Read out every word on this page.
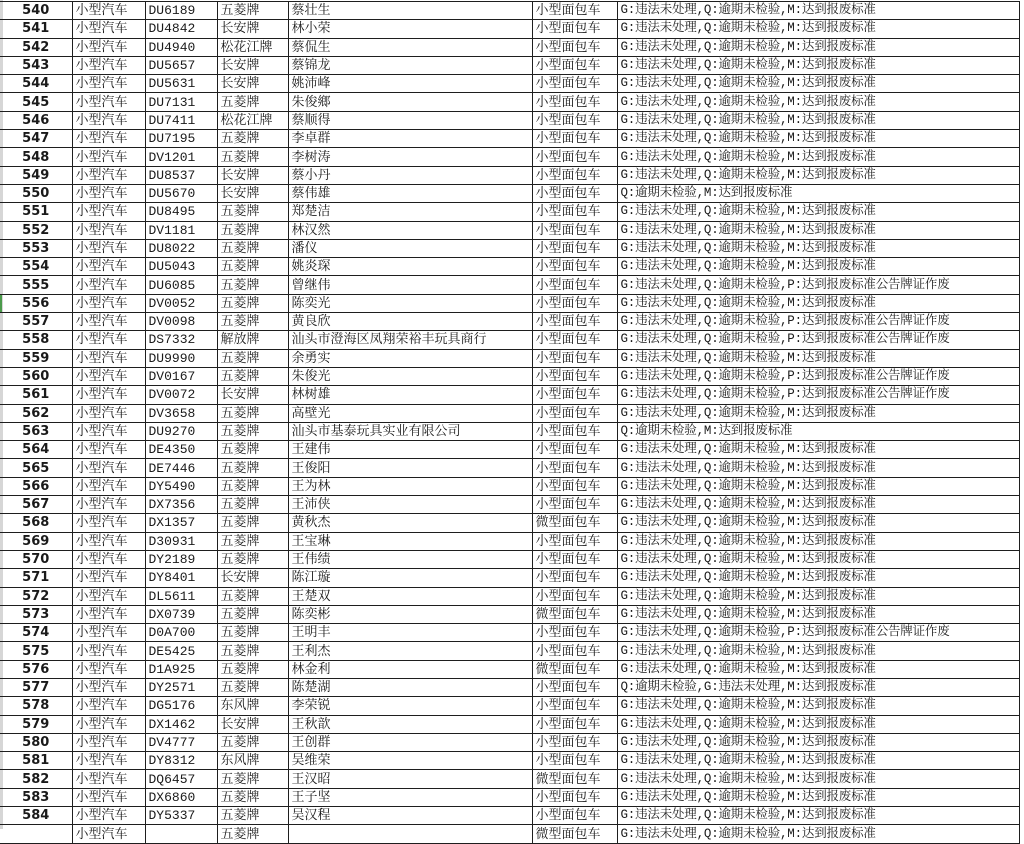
540	小型汽车	DU6189	五菱牌	蔡壮生	小型面包车	G:违法未处理,Q:逾期未检验,M:达到报废标准
541	小型汽车	DU4842	长安牌	林小荣	小型面包车	G:违法未处理,Q:逾期未检验,M:达到报废标准
542	小型汽车	DU4940	松花江牌	蔡侃生	小型面包车	G:违法未处理,Q:逾期未检验,M:达到报废标准
543	小型汽车	DU5657	长安牌	蔡锦龙	小型面包车	G:违法未处理,Q:逾期未检验,M:达到报废标准
544	小型汽车	DU5631	长安牌	姚沛峰	小型面包车	G:违法未处理,Q:逾期未检验,M:达到报废标准
545	小型汽车	DU7131	五菱牌	朱俊鄉	小型面包车	G:违法未处理,Q:逾期未检验,M:达到报废标准
546	小型汽车	DU7411	松花江牌	蔡顺得	小型面包车	G:违法未处理,Q:逾期未检验,M:达到报废标准
547	小型汽车	DU7195	五菱牌	李卓群	小型面包车	G:违法未处理,Q:逾期未检验,M:达到报废标准
548	小型汽车	DV1201	五菱牌	李树涛	小型面包车	G:违法未处理,Q:逾期未检验,M:达到报废标准
549	小型汽车	DU8537	长安牌	蔡小丹	小型面包车	G:违法未处理,Q:逾期未检验,M:达到报废标准
550	小型汽车	DU5670	长安牌	蔡伟雄	小型面包车	Q:逾期未检验,M:达到报废标准
551	小型汽车	DU8495	五菱牌	郑楚洁	小型面包车	G:违法未处理,Q:逾期未检验,M:达到报废标准
552	小型汽车	DV1181	五菱牌	林汉然	小型面包车	G:违法未处理,Q:逾期未检验,M:达到报废标准
553	小型汽车	DU8022	五菱牌	潘仪	小型面包车	G:违法未处理,Q:逾期未检验,M:达到报废标准
554	小型汽车	DU5043	五菱牌	姚炎琛	小型面包车	G:违法未处理,Q:逾期未检验,M:达到报废标准
555	小型汽车	DU6085	五菱牌	曾继伟	小型面包车	G:违法未处理,Q:逾期未检验,P:达到报废标准公告牌证作废
556	小型汽车	DV0052	五菱牌	陈奕光	小型面包车	G:违法未处理,Q:逾期未检验,M:达到报废标准
557	小型汽车	DV0098	五菱牌	黄良欣	小型面包车	G:违法未处理,Q:逾期未检验,P:达到报废标准公告牌证作废
558	小型汽车	DS7332	解放牌	汕头市澄海区凤翔荣裕丰玩具商行	小型面包车	G:违法未处理,Q:逾期未检验,P:达到报废标准公告牌证作废
559	小型汽车	DU9990	五菱牌	余勇实	小型面包车	G:违法未处理,Q:逾期未检验,M:达到报废标准
560	小型汽车	DV0167	五菱牌	朱俊光	小型面包车	G:违法未处理,Q:逾期未检验,P:达到报废标准公告牌证作废
561	小型汽车	DV0072	长安牌	林树雄	小型面包车	G:违法未处理,Q:逾期未检验,P:达到报废标准公告牌证作废
562	小型汽车	DV3658	五菱牌	高壁光	小型面包车	G:违法未处理,Q:逾期未检验,M:达到报废标准
563	小型汽车	DU9270	五菱牌	汕头市基泰玩具实业有限公司	小型面包车	Q:逾期未检验,M:达到报废标准
564	小型汽车	DE4350	五菱牌	王建伟	小型面包车	G:违法未处理,Q:逾期未检验,M:达到报废标准
565	小型汽车	DE7446	五菱牌	王俊阳	小型面包车	G:违法未处理,Q:逾期未检验,M:达到报废标准
566	小型汽车	DY5490	五菱牌	王为林	小型面包车	G:违法未处理,Q:逾期未检验,M:达到报废标准
567	小型汽车	DX7356	五菱牌	王沛侠	小型面包车	G:违法未处理,Q:逾期未检验,M:达到报废标准
568	小型汽车	DX1357	五菱牌	黄秋杰	微型面包车	G:违法未处理,Q:逾期未检验,M:达到报废标准
569	小型汽车	D30931	五菱牌	王宝琳	小型面包车	G:违法未处理,Q:逾期未检验,M:达到报废标准
570	小型汽车	DY2189	五菱牌	王伟绩	小型面包车	G:违法未处理,Q:逾期未检验,M:达到报废标准
571	小型汽车	DY8401	长安牌	陈江璇	小型面包车	G:违法未处理,Q:逾期未检验,M:达到报废标准
572	小型汽车	DL5611	五菱牌	王楚双	小型面包车	G:违法未处理,Q:逾期未检验,M:达到报废标准
573	小型汽车	DX0739	五菱牌	陈奕彬	微型面包车	G:违法未处理,Q:逾期未检验,M:达到报废标准
574	小型汽车	D0A700	五菱牌	王明丰	小型面包车	G:违法未处理,Q:逾期未检验,P:达到报废标准公告牌证作废
575	小型汽车	DE5425	五菱牌	王利杰	小型面包车	G:违法未处理,Q:逾期未检验,M:达到报废标准
576	小型汽车	D1A925	五菱牌	林金利	微型面包车	G:违法未处理,Q:逾期未检验,M:达到报废标准
577	小型汽车	DY2571	五菱牌	陈楚湖	小型面包车	Q:逾期未检验,G:违法未处理,M:达到报废标准
578	小型汽车	DG5176	东风牌	李荣锐	小型面包车	G:违法未处理,Q:逾期未检验,M:达到报废标准
579	小型汽车	DX1462	长安牌	王秋歆	小型面包车	G:违法未处理,Q:逾期未检验,M:达到报废标准
580	小型汽车	DV4777	五菱牌	王创群	小型面包车	G:违法未处理,Q:逾期未检验,M:达到报废标准
581	小型汽车	DY8312	东风牌	吴维荣	小型面包车	G:违法未处理,Q:逾期未检验,M:达到报废标准
582	小型汽车	DQ6457	五菱牌	王汉昭	微型面包车	G:违法未处理,Q:逾期未检验,M:达到报废标准
583	小型汽车	DX6860	五菱牌	王子坚	小型面包车	G:违法未处理,Q:逾期未检验,M:达到报废标准
584	小型汽车	DY5337	五菱牌	吴汉程	小型面包车	G:违法未处理,Q:逾期未检验,M:达到报废标准
	小型汽车		五菱牌		微型面包车	G:违法未处理,Q:逾期未检验,M:达到报废标准
